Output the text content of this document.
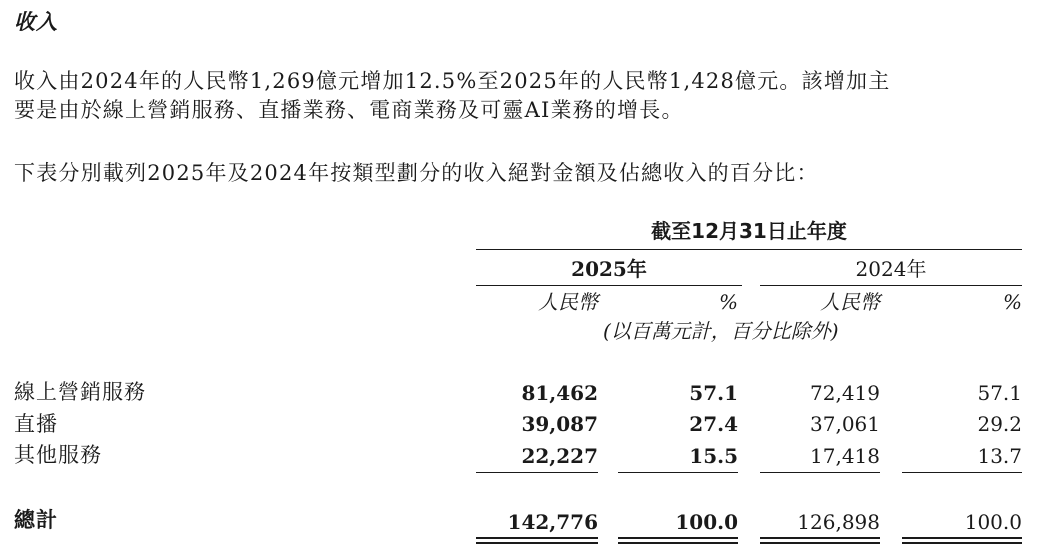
收入
收入由2024年的人民幣1,269億元增加12.5%至2025年的人民幣1,428億元。該增加主
要是由於線上營銷服務、直播業務、電商業務及可靈AI業務的增長。
下表分別載列2025年及2024年按類型劃分的收入絕對金額及佔總收入的百分比：
截至12月31日止年度
2025年	2024年
人民幣	%	人民幣	%
(以百萬元計，百分比除外)
線上營銷服務	81,462	57.1	72,419	57.1
直播	39,087	27.4	37,061	29.2
其他服務	22,227	15.5	17,418	13.7
總計	142,776	100.0	126,898	100.0
